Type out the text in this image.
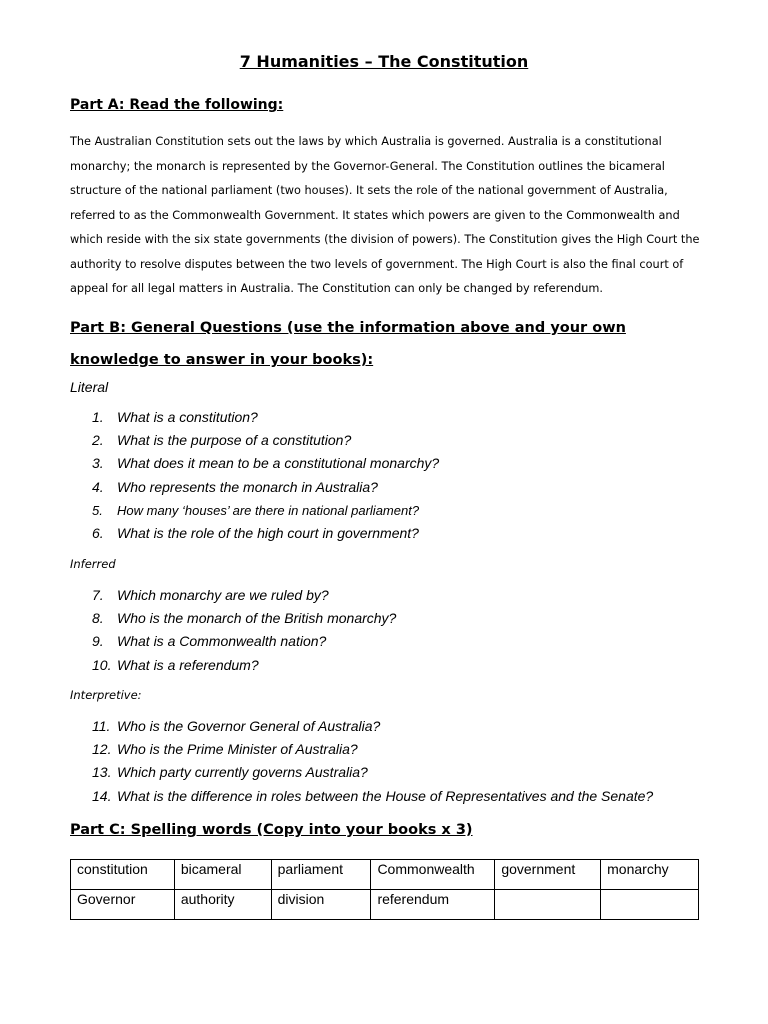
7 Humanities – The Constitution
Part A: Read the following:

The Australian Constitution sets out the laws by which Australia is governed. Australia is a constitutional monarchy; the monarch is represented by the Governor-General. The Constitution outlines the bicameral structure of the national parliament (two houses). It sets the role of the national government of Australia, referred to as the Commonwealth Government. It states which powers are given to the Commonwealth and which reside with the six state governments (the division of powers). The Constitution gives the High Court the authority to resolve disputes between the two levels of government. The High Court is also the final court of appeal for all legal matters in Australia. The Constitution can only be changed by referendum.

Part B: General Questions (use the information above and your own knowledge to answer in your books):

Literal

1. What is a constitution?
2. What is the purpose of a constitution?
3. What does it mean to be a constitutional monarchy?
4. Who represents the monarch in Australia?
5. How many ‘houses’ are there in national parliament?
6. What is the role of the high court in government?

Inferred

7. Which monarchy are we ruled by?
8. Who is the monarch of the British monarchy?
9. What is a Commonwealth nation?
10. What is a referendum?

Interpretive:

11. Who is the Governor General of Australia?
12. Who is the Prime Minister of Australia?
13. Which party currently governs Australia?
14. What is the difference in roles between the House of Representatives and the Senate?
Part C: Spelling words (Copy into your books x 3)
constitution	bicameral	parliament	Commonwealth	government	monarchy
Governor	authority	division	referendum		
